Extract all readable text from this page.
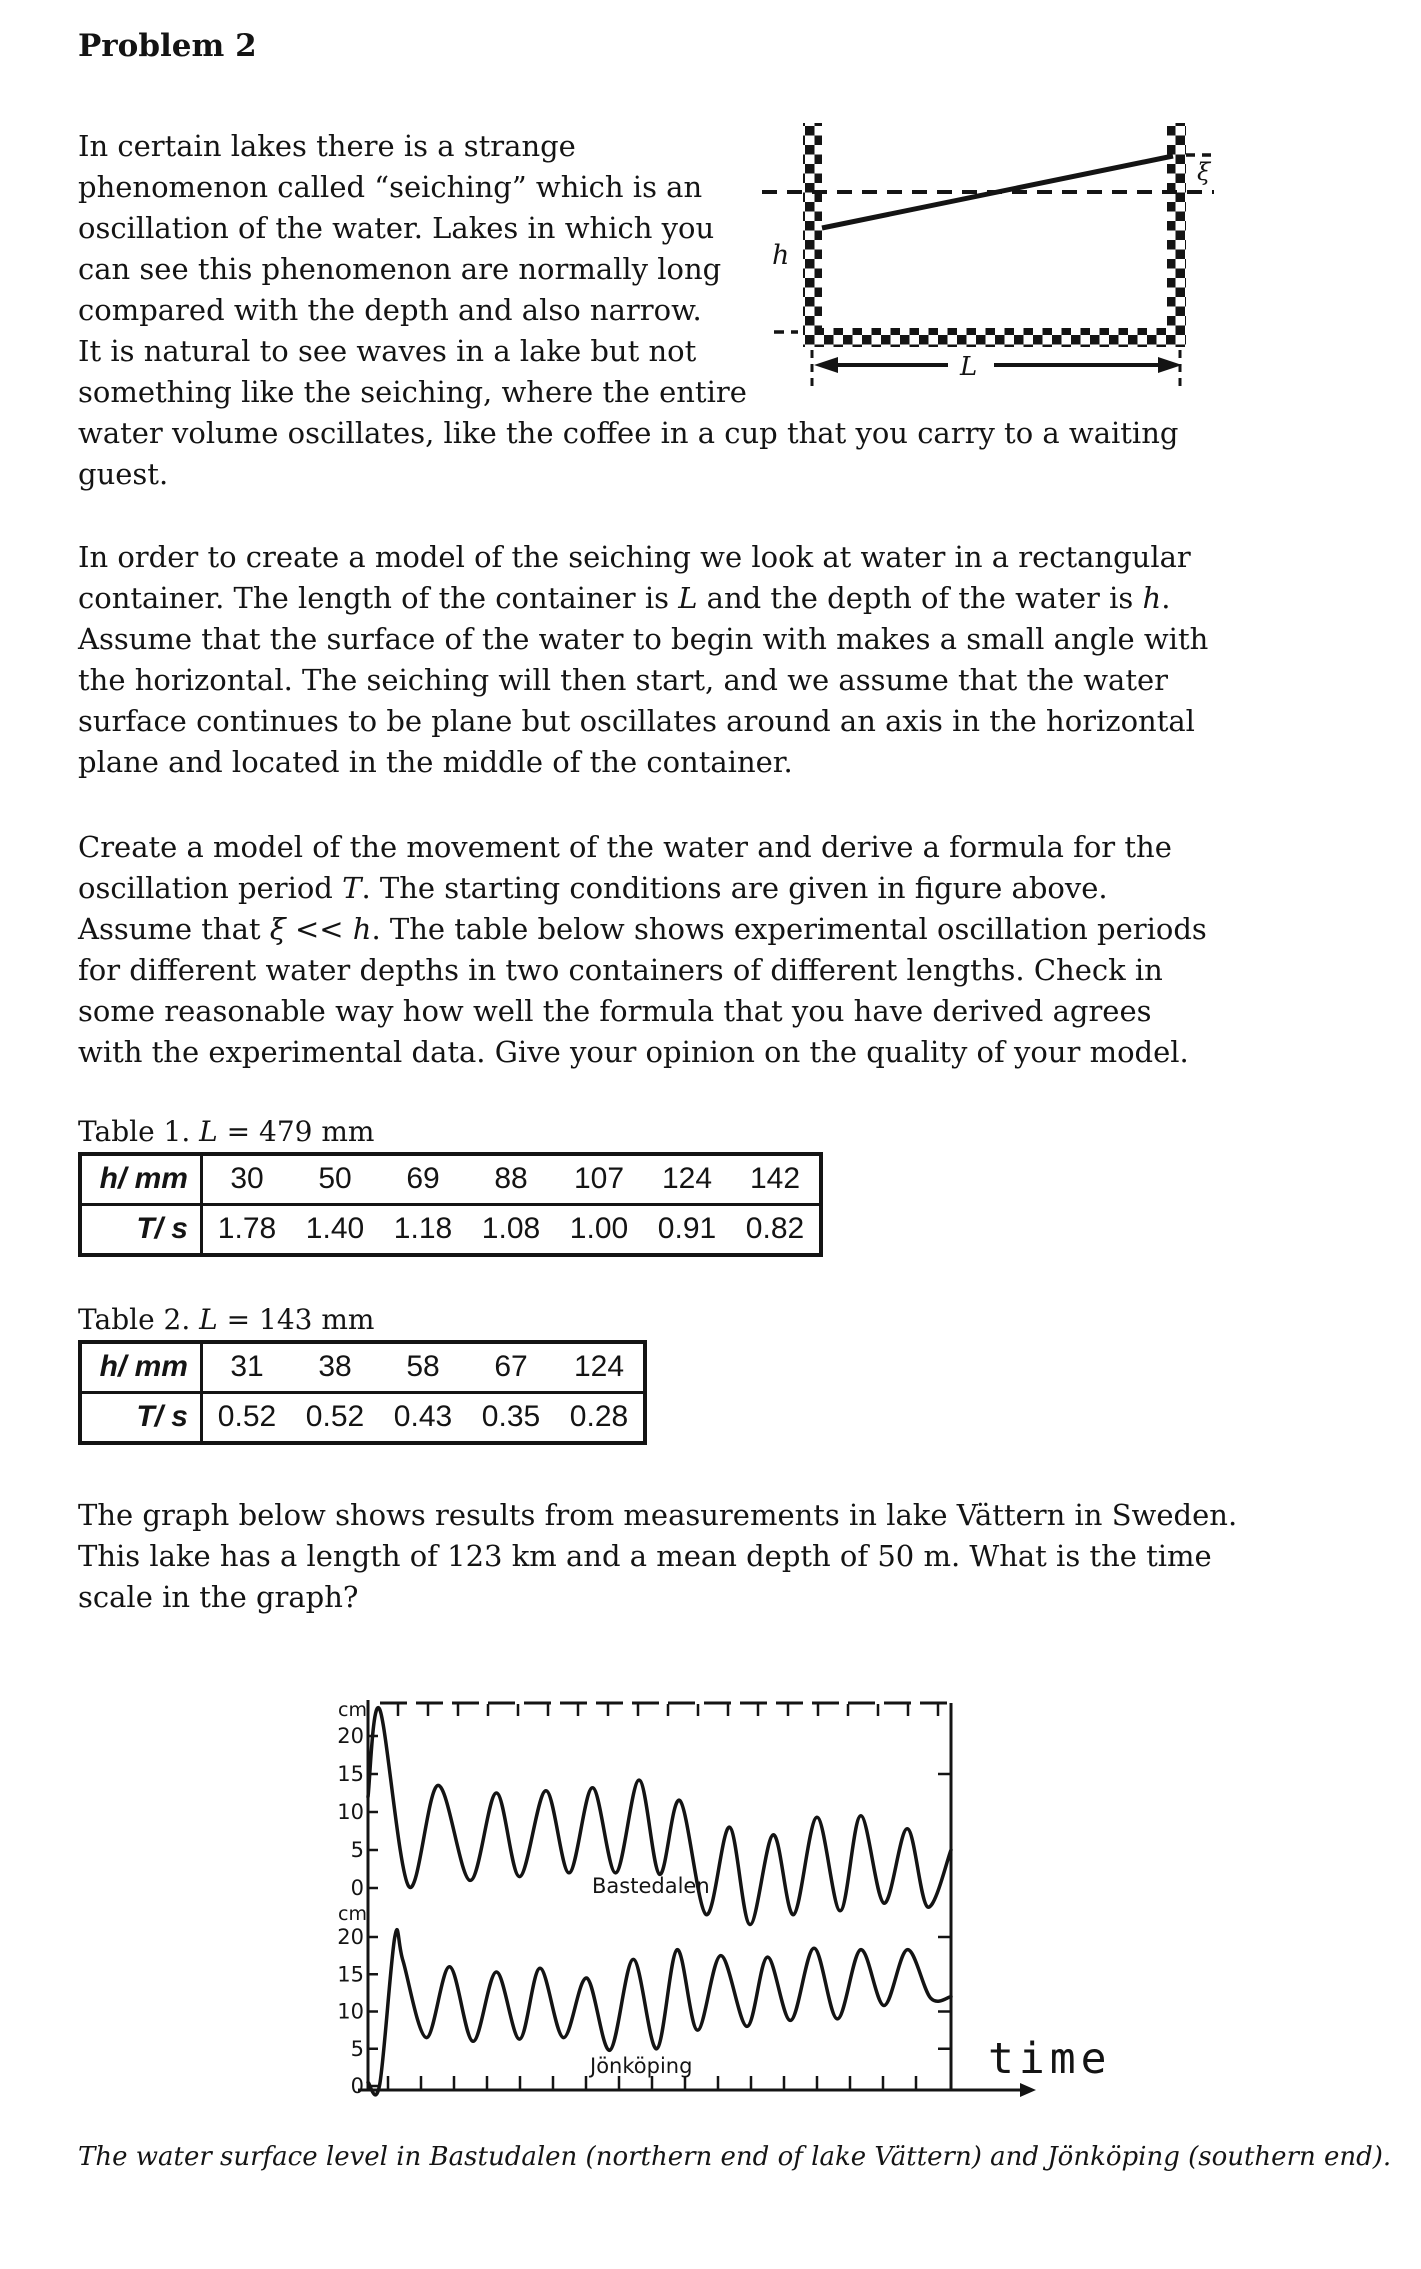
Problem 2
In certain lakes there is a strange
phenomenon called “seiching” which is an
oscillation of the water. Lakes in which you
can see this phenomenon are normally long
compared with the depth and also narrow.
It is natural to see waves in a lake but not
something like the seiching, where the entire
water volume oscillates, like the coffee in a cup that you carry to a waiting
guest.
h
L
ξ
In order to create a model of the seiching we look at water in a rectangular
container. The length of the container is L and the depth of the water is h.
Assume that the surface of the water to begin with makes a small angle with
the horizontal. The seiching will then start, and we assume that the water
surface continues to be plane but oscillates around an axis in the horizontal
plane and located in the middle of the container.
Create a model of the movement of the water and derive a formula for the
oscillation period T. The starting conditions are given in figure above.
Assume that ξ << h. The table below shows experimental oscillation periods
for different water depths in two containers of different lengths. Check in
some reasonable way how well the formula that you have derived agrees
with the experimental data. Give your opinion on the quality of your model.
Table 1. L = 479 mm
h/ mm	30	50	69	88	107	124	142
T/ s	1.78	1.40	1.18	1.08	1.00	0.91	0.82
Table 2. L = 143 mm
h/ mm	31	38	58	67	124
T/ s	0.52	0.52	0.43	0.35	0.28
The graph below shows results from measurements in lake Vättern in Sweden.
This lake has a length of 123 km and a mean depth of 50 m. What is the time
scale in the graph?
cm
20
15
10
5
0
cm
20
15
10
5
0
Bastedalen
Jönköping	time
The water surface level in Bastudalen (northern end of lake Vättern) and Jönköping (southern end).
